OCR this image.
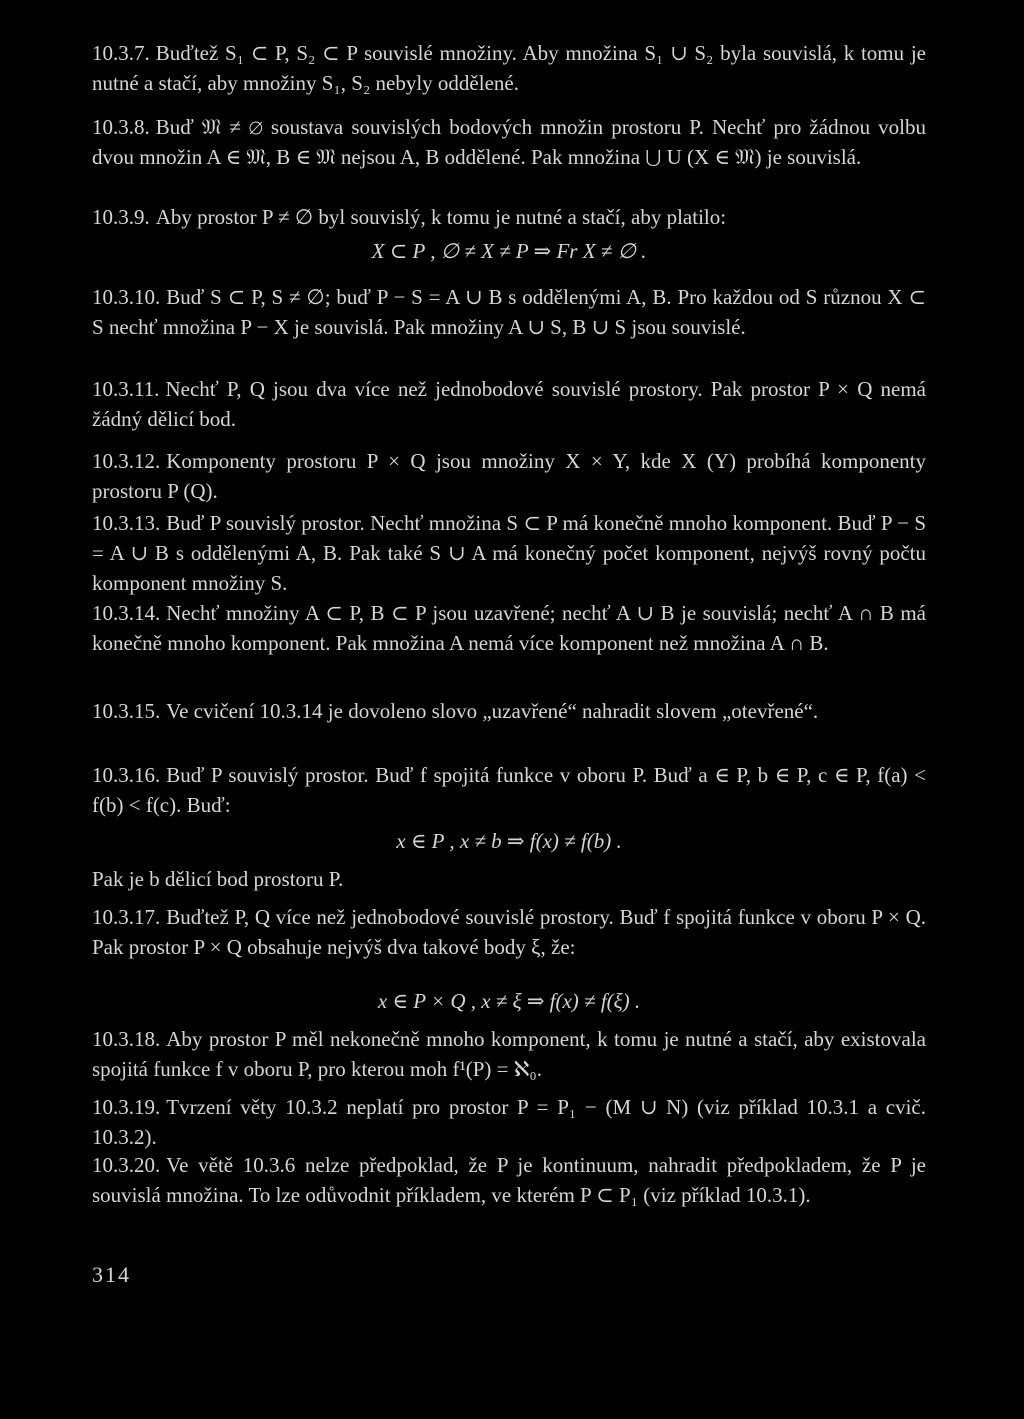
10.3.7. Buďtež S₁ ⊂ P, S₂ ⊂ P souvislé množiny. Aby množina S₁ ∪ S₂ byla souvislá, k tomu je nutné a stačí, aby množiny S₁, S₂ nebyly oddělené.

10.3.8. Buď 𝔐 ≠ ∅ soustava souvislých bodových množin prostoru P. Nechť pro žádnou volbu dvou množin A ∈ 𝔐, B ∈ 𝔐 nejsou A, B oddělené. Pak množina ⋃ U (X ∈ 𝔐) je souvislá.

10.3.9. Aby prostor P ≠ ∅ byl souvislý, k tomu je nutné a stačí, aby platilo:

X ⊂ P , ∅ ≠ X ≠ P ⇒ Fr X ≠ ∅ .

10.3.10. Buď S ⊂ P, S ≠ ∅; buď P − S = A ∪ B s oddělenými A, B. Pro každou od S různou X ⊂ S nechť množina P − X je souvislá. Pak množiny A ∪ S, B ∪ S jsou souvislé.

10.3.11. Nechť P, Q jsou dva více než jednobodové souvislé prostory. Pak prostor P × Q nemá žádný dělicí bod.

10.3.12. Komponenty prostoru P × Q jsou množiny X × Y, kde X (Y) probíhá komponenty prostoru P (Q).

10.3.13. Buď P souvislý prostor. Nechť množina S ⊂ P má konečně mnoho komponent. Buď P − S = A ∪ B s oddělenými A, B. Pak také S ∪ A má konečný počet komponent, nejvýš rovný počtu komponent množiny S.

10.3.14. Nechť množiny A ⊂ P, B ⊂ P jsou uzavřené; nechť A ∪ B je souvislá; nechť A ∩ B má konečně mnoho komponent. Pak množina A nemá více komponent než množina A ∩ B.

10.3.15. Ve cvičení 10.3.14 je dovoleno slovo „uzavřené“ nahradit slovem „otevřené“.

10.3.16. Buď P souvislý prostor. Buď f spojitá funkce v oboru P. Buď a ∈ P, b ∈ P, c ∈ P, f(a) < f(b) < f(c). Buď:

x ∈ P , x ≠ b ⇒ f(x) ≠ f(b) .

Pak je b dělicí bod prostoru P.

10.3.17. Buďtež P, Q více než jednobodové souvislé prostory. Buď f spojitá funkce v oboru P × Q. Pak prostor P × Q obsahuje nejvýš dva takové body ξ, že:

x ∈ P × Q , x ≠ ξ ⇒ f(x) ≠ f(ξ) .

10.3.18. Aby prostor P měl nekonečně mnoho komponent, k tomu je nutné a stačí, aby existovala spojitá funkce f v oboru P, pro kterou moh f¹(P) = ℵ₀.

10.3.19. Tvrzení věty 10.3.2 neplatí pro prostor P = P₁ − (M ∪ N) (viz příklad 10.3.1 a cvič. 10.3.2).

10.3.20. Ve větě 10.3.6 nelze předpoklad, že P je kontinuum, nahradit předpokladem, že P je souvislá množina. To lze odůvodnit příkladem, ve kterém P ⊂ P₁ (viz příklad 10.3.1).

314
